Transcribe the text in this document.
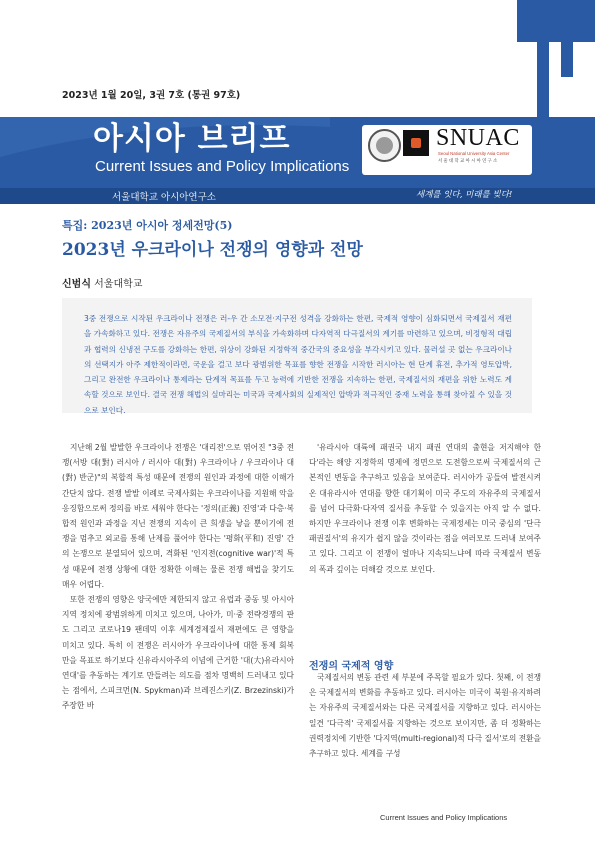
2023년 1월 20일, 3권 7호 (통권 97호)
아시아 브리프
Current Issues and Policy Implications
SNUAC
Seoul National University Asia Center
서 울 대 학 교 아 시 아 연 구 소
서울대학교 아시아연구소	세계를 잇다, 미래를 빚다!
특집: 2023년 아시아 정세전망(5)
2023년 우크라이나 전쟁의 영향과 전망
신범식 서울대학교
3중 전쟁으로 시작된 우크라이나 전쟁은 러-우 간 소모전·지구전 성격을 강화하는 한편, 국제적 영향이 심화되면서 국제질서 재편을 가속화하고 있다. 전쟁은 자유주의 국제질서의 부식을 가속화하며 다자역적 다극질서의 계기를 마련하고 있으며, 비정형적 대립과 협력의 신냉전 구도를 강화하는 한편, 위상이 강화된 지정학적 중간국의 중요성을 부각시키고 있다. 물러설 곳 없는 우크라이나의 선택지가 아주 제한적이라면, 국운을 걸고 보다 광범위한 목표를 향한 전쟁을 시작한 러시아는 현 단계 휴전, 추가적 영토압박, 그리고 완전한 우크라이나 통제라는 단계적 목표를 두고 능력에 기반한 전쟁을 지속하는 한편, 국제질서의 재편을 위한 노력도 계속할 것으로 보인다. 결국 전쟁 해법의 실마리는 미국과 국제사회의 실제적인 압박과 적극적인 중재 노력을 통해 찾아질 수 있을 것으로 보인다.

지난해 2월 발발한 우크라이나 전쟁은 '대리전'으로 엮어진 "3중 전쟁(서방 대(對) 러시아 / 러시아 대(對) 우크라이나 / 우크라이나 대(對) 반군)"의 복합적 특성 때문에 전쟁의 원인과 과정에 대한 이해가 간단치 않다. 전쟁 발발 이례로 국제사회는 우크라이나를 지원해 악을 응징함으로써 정의를 바로 세워야 한다는 '정의(正義) 진영'과 다층·복합적 원인과 과정을 지닌 전쟁의 지속이 큰 희생을 낳을 뿐이기에 전쟁을 멈추고 외교를 통해 난제를 풀어야 한다는 '평화(平和) 진영' 간의 논쟁으로 분열되어 있으며, 격화된 '인지전(cognitive war)'적 특성 때문에 전쟁 상황에 대한 정확한 이해는 물론 전쟁 해법을 찾기도 매우 어렵다.

또한 전쟁의 영향은 양국에만 제한되지 않고 유럽과 중동 및 아시아 지역 정치에 광범위하게 미치고 있으며, 나아가, 미·중 전략경쟁의 판도 그리고 코로나19 팬데믹 이후 세계경제질서 재편에도 큰 영향을 미치고 있다. 특히 이 전쟁은 러시아가 우크라이나에 대한 통제 회복만을 목표로 하기보다 신유라시아주의 이념에 근거한 '대(大)유라시아 연대'를 추동하는 계기로 만들려는 의도를 점차 명백히 드러내고 있다는 점에서, 스피크먼(N. Spykman)과 브레진스키(Z. Brzezinski)가 주장한 바

'유라시아 대륙에 패권국 내지 패권 연대의 출현을 저지해야 한다'라는 해양 지정학의 명제에 정면으로 도전함으로써 국제질서의 근본적인 변동을 추구하고 있음을 보여준다. 러시아가 공들여 발전시켜 온 대유라시아 연대를 향한 대기획이 미국 주도의 자유주의 국제질서를 넘어 다극화·다자역 질서를 추동할 수 있을지는 아직 알 수 없다. 하지만 우크라이나 전쟁 이후 변화하는 국제정세는 미국 중심의 '단극 패권질서'의 유지가 쉽지 않을 것이라는 점을 여러모로 드러내 보여주고 있다. 그리고 이 전쟁이 얼마나 지속되느냐에 따라 국제질서 변동의 폭과 깊이는 더해갈 것으로 보인다.

전쟁의 국제적 영향

국제질서의 변동 관련 세 부분에 주목할 필요가 있다. 첫째, 이 전쟁은 국제질서의 변화를 추동하고 있다. 러시아는 미국이 북원·유지하려는 자유주의 국제질서와는 다른 국제질서를 지향하고 있다. 러시아는 일견 '다극적' 국제질서를 지향하는 것으로 보이지만, 좀 더 정확하는 권력정치에 기반한 '다지역(multi-regional)적 다극 질서'로의 전환을 추구하고 있다. 세계를 구성

Current Issues and Policy Implications
